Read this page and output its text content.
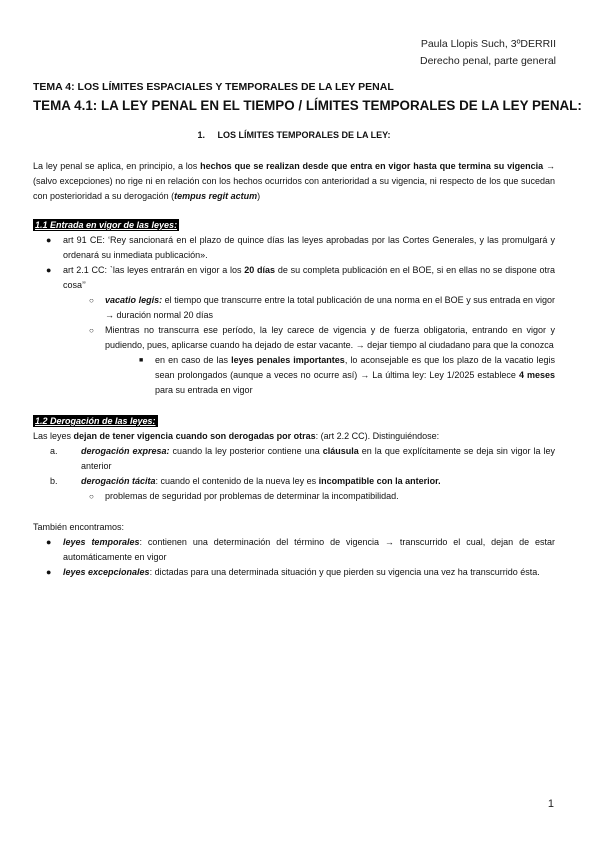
Paula Llopis Such, 3ºDERRII
Derecho penal, parte general
TEMA 4: LOS LÍMITES ESPACIALES Y TEMPORALES DE LA LEY PENAL
TEMA 4.1: LA LEY PENAL EN EL TIEMPO / LÍMITES TEMPORALES DE LA LEY PENAL:
1. LOS LÍMITES TEMPORALES DE LA LEY:
La ley penal se aplica, en principio, a los hechos que se realizan desde que entra en vigor hasta que termina su vigencia → (salvo excepciones) no rige ni en relación con los hechos ocurridos con anterioridad a su vigencia, ni respecto de los que sucedan con posterioridad a su derogación (tempus regit actum)
1.1 Entrada en vigor de las leyes:
● art 91 CE: ‘Rey sancionará en el plazo de quince días las leyes aprobadas por las Cortes Generales, y las promulgará y ordenará su inmediata publicación».
● art 2.1 CC: `las leyes entrarán en vigor a los 20 días de su completa publicación en el BOE, si en ellas no se dispone otra cosa’’
○ vacatio legis: el tiempo que transcurre entre la total publicación de una norma en el BOE y sus entrada en vigor → duración normal 20 días
○ Mientras no transcurra ese período, la ley carece de vigencia y de fuerza obligatoria, entrando en vigor y pudiendo, pues, aplicarse cuando ha dejado de estar vacante. → dejar tiempo al ciudadano para que la conozca
■ en en caso de las leyes penales importantes, lo aconsejable es que los plazo de la vacatio legis sean prolongados (aunque a veces no ocurre así) → La última ley: Ley 1/2025 establece 4 meses para su entrada en vigor
1.2 Derogación de las leyes:
Las leyes dejan de tener vigencia cuando son derogadas por otras: (art 2.2 CC). Distinguiéndose:
a.	derogación expresa: cuando la ley posterior contiene una cláusula en la que explícitamente se deja sin vigor la ley anterior
b.	derogación tácita: cuando el contenido de la nueva ley es incompatible con la anterior.
○ problemas de seguridad por problemas de determinar la incompatibilidad.
También encontramos:
● leyes temporales: contienen una determinación del término de vigencia → transcurrido el cual, dejan de estar automáticamente en vigor
● leyes excepcionales: dictadas para una determinada situación y que pierden su vigencia una vez ha transcurrido ésta.
1
